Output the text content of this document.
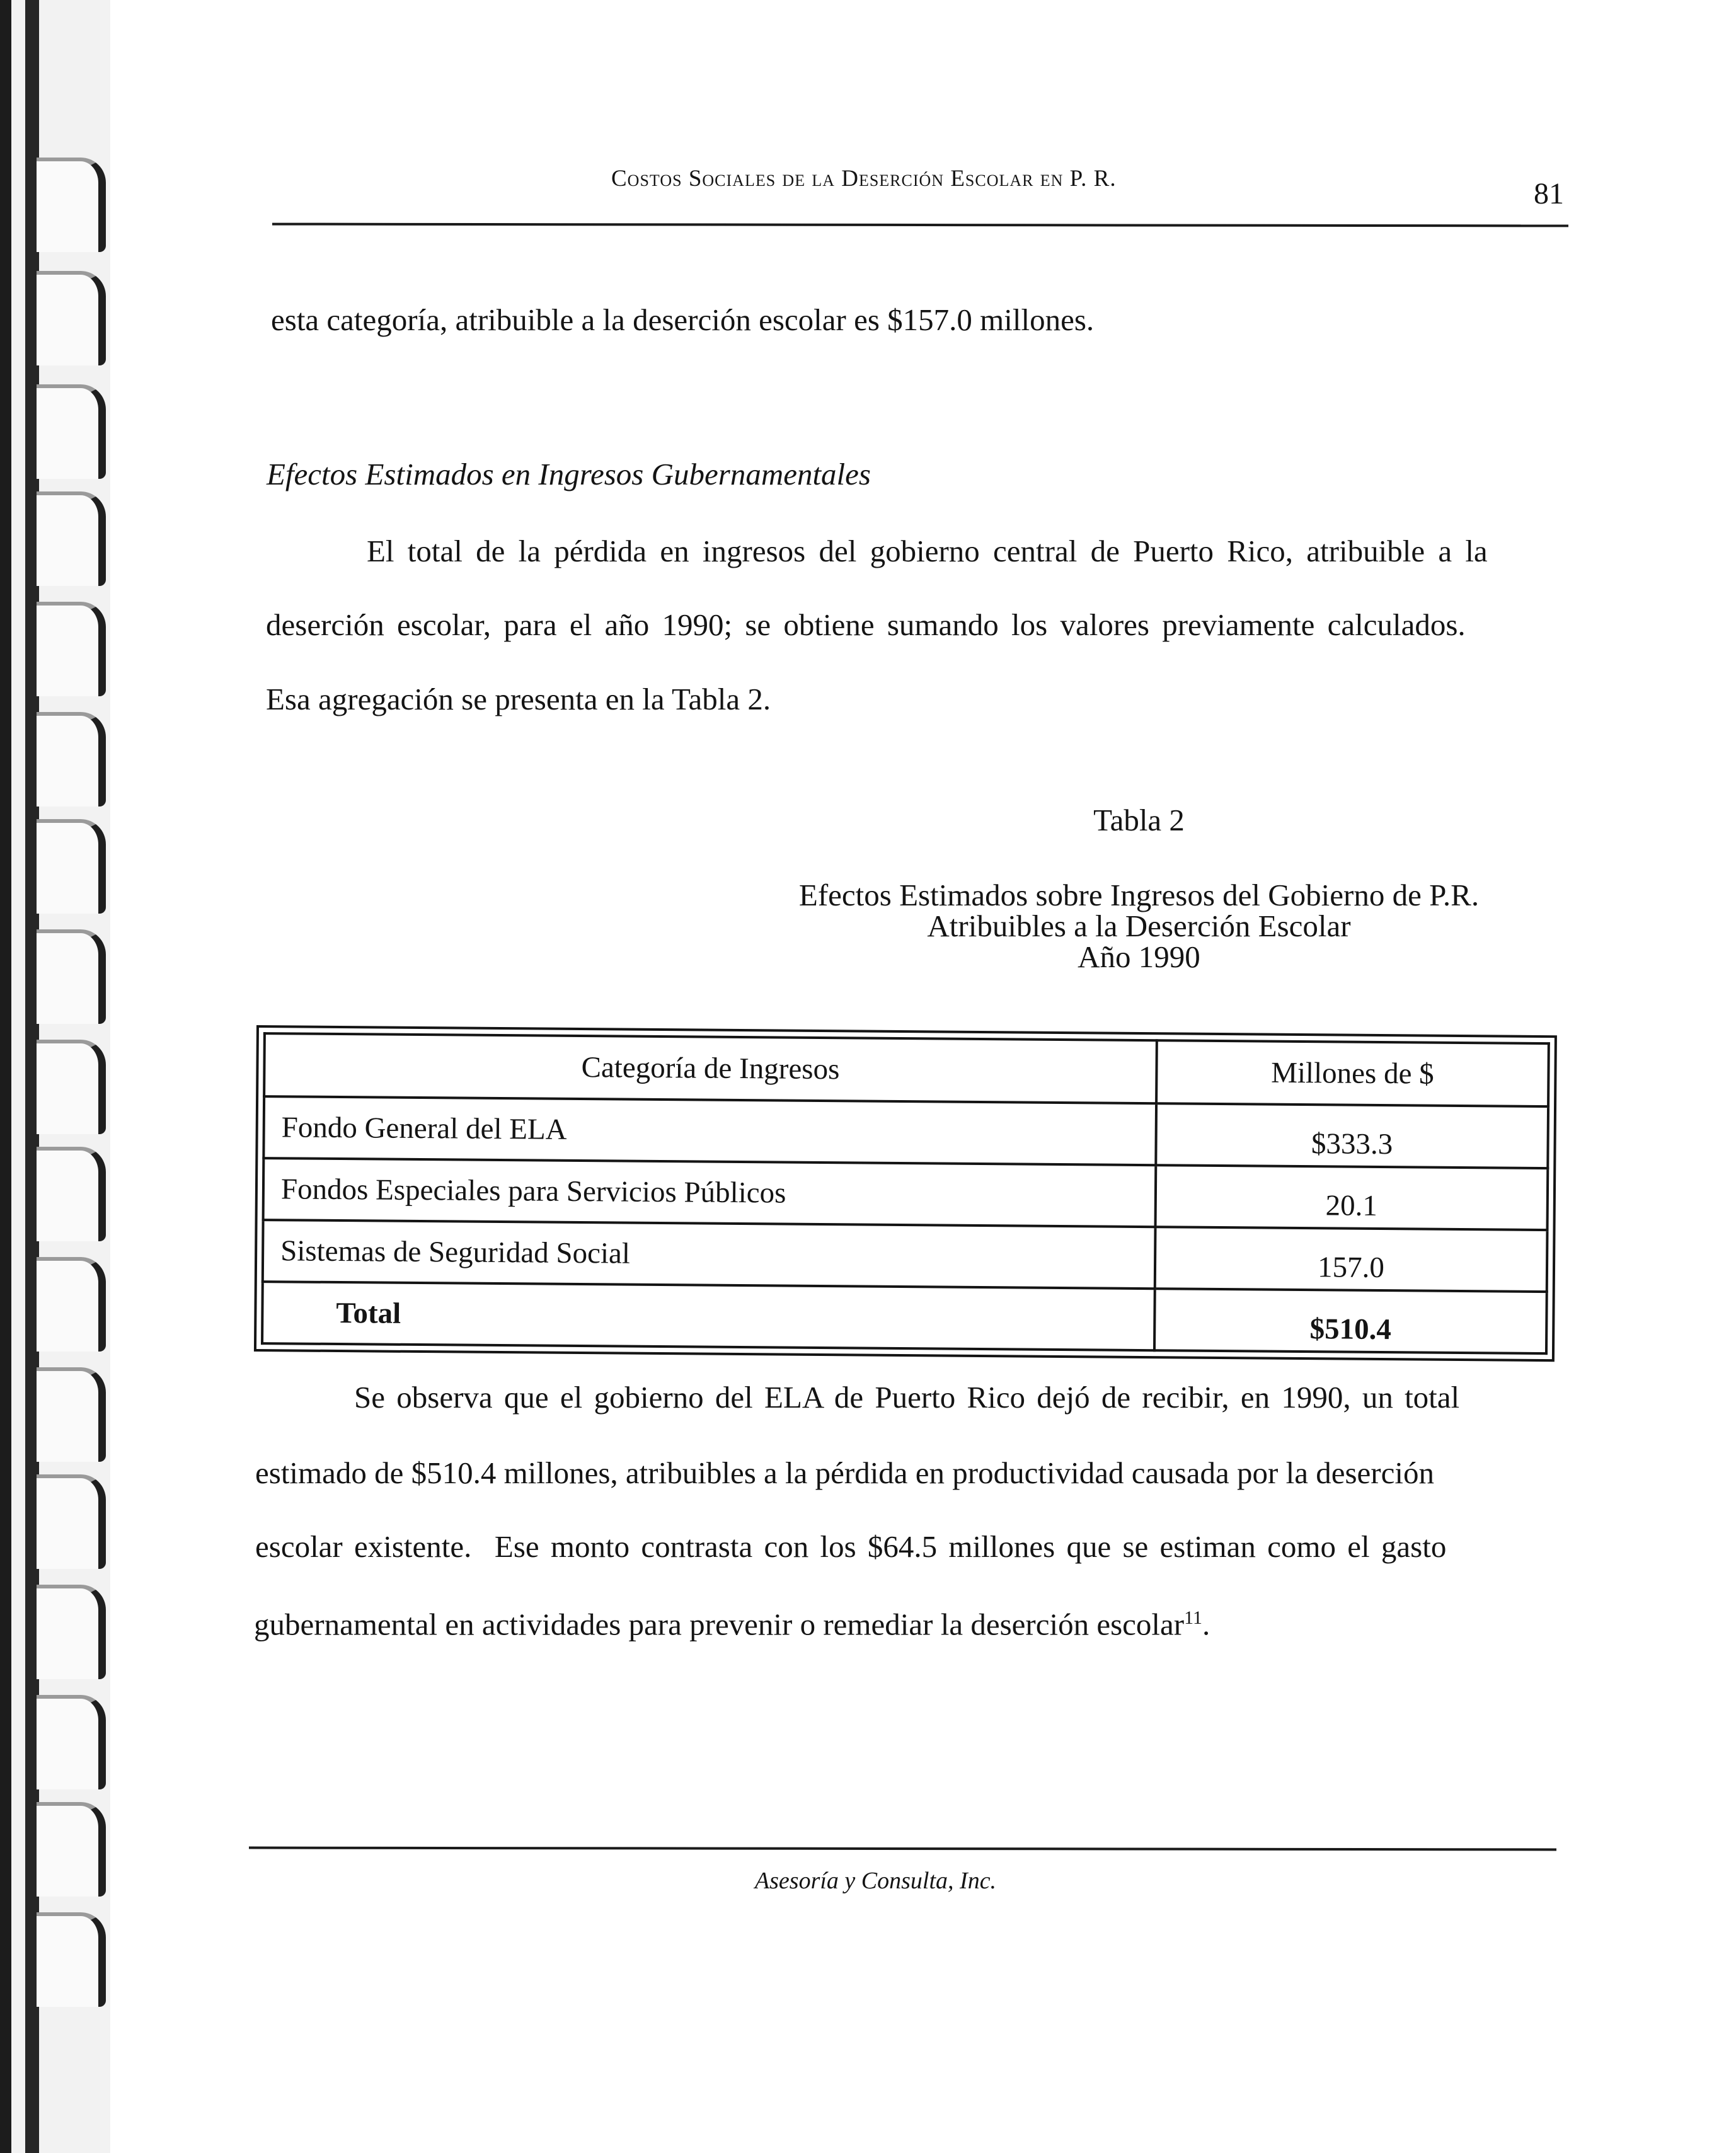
Costos Sociales de la Deserción Escolar en P. R.	81
esta categoría, atribuible a la deserción escolar es $157.0 millones.
Efectos Estimados en Ingresos Gubernamentales
El total de la pérdida en ingresos del gobierno central de Puerto Rico, atribuible a la
deserción escolar, para el año 1990; se obtiene sumando los valores previamente calculados.
Esa agregación se presenta en la Tabla 2.
Tabla 2
Efectos Estimados sobre Ingresos del Gobierno de P.R.
Atribuibles a la Deserción Escolar
Año 1990
Categoría de Ingresos	Millones de $
Fondo General del ELA	$333.3
Fondos Especiales para Servicios Públicos	20.1
Sistemas de Seguridad Social	157.0
Total	$510.4
Se observa que el gobierno del ELA de Puerto Rico dejó de recibir, en 1990, un total
estimado de $510.4 millones, atribuibles a la pérdida en productividad causada por la deserción
escolar existente.  Ese monto contrasta con los $64.5 millones que se estiman como el gasto
gubernamental en actividades para prevenir o remediar la deserción escolar$^{11}$.
Asesoría y Consulta, Inc.
